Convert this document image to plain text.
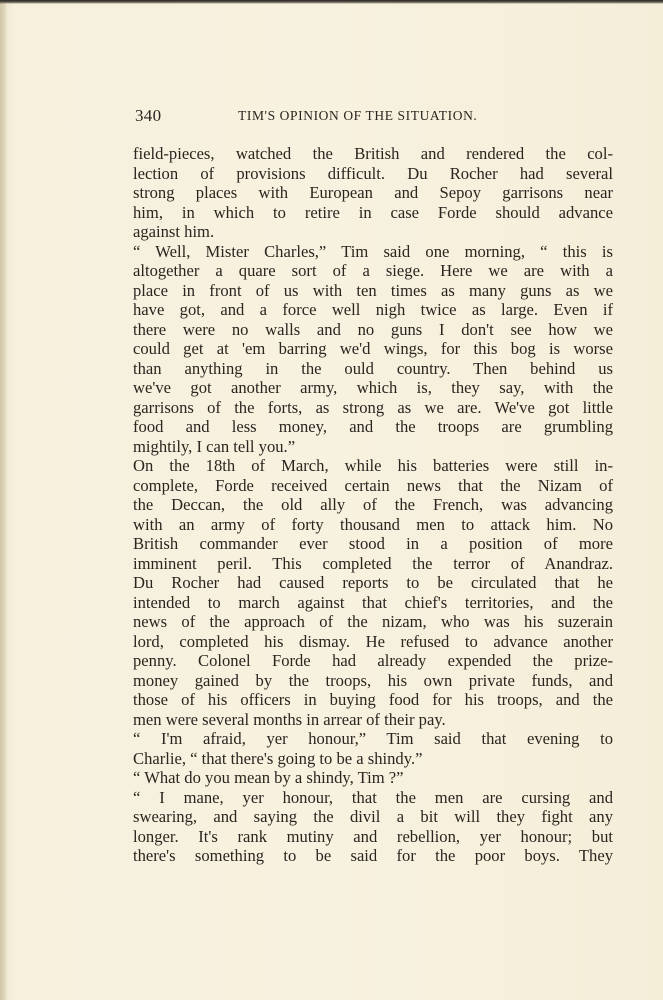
340	TIM'S OPINION OF THE SITUATION.
field-pieces, watched the British and rendered the col-
lection of provisions difficult. Du Rocher had several
strong places with European and Sepoy garrisons near
him, in which to retire in case Forde should advance
against him.
“ Well, Mister Charles,” Tim said one morning, “ this is
altogether a quare sort of a siege. Here we are with a
place in front of us with ten times as many guns as we
have got, and a force well nigh twice as large. Even if
there were no walls and no guns I don't see how we
could get at 'em barring we'd wings, for this bog is worse
than anything in the ould country. Then behind us
we've got another army, which is, they say, with the
garrisons of the forts, as strong as we are. We've got little
food and less money, and the troops are grumbling
mightily, I can tell you.”
On the 18th of March, while his batteries were still in-
complete, Forde received certain news that the Nizam of
the Deccan, the old ally of the French, was advancing
with an army of forty thousand men to attack him. No
British commander ever stood in a position of more
imminent peril. This completed the terror of Anandraz.
Du Rocher had caused reports to be circulated that he
intended to march against that chief's territories, and the
news of the approach of the nizam, who was his suzerain
lord, completed his dismay. He refused to advance another
penny. Colonel Forde had already expended the prize-
money gained by the troops, his own private funds, and
those of his officers in buying food for his troops, and the
men were several months in arrear of their pay.
“ I'm afraid, yer honour,” Tim said that evening to
Charlie, “ that there's going to be a shindy.”
“ What do you mean by a shindy, Tim ?”
“ I mane, yer honour, that the men are cursing and
swearing, and saying the divil a bit will they fight any
longer. It's rank mutiny and rebellion, yer honour; but
there's something to be said for the poor boys. They
